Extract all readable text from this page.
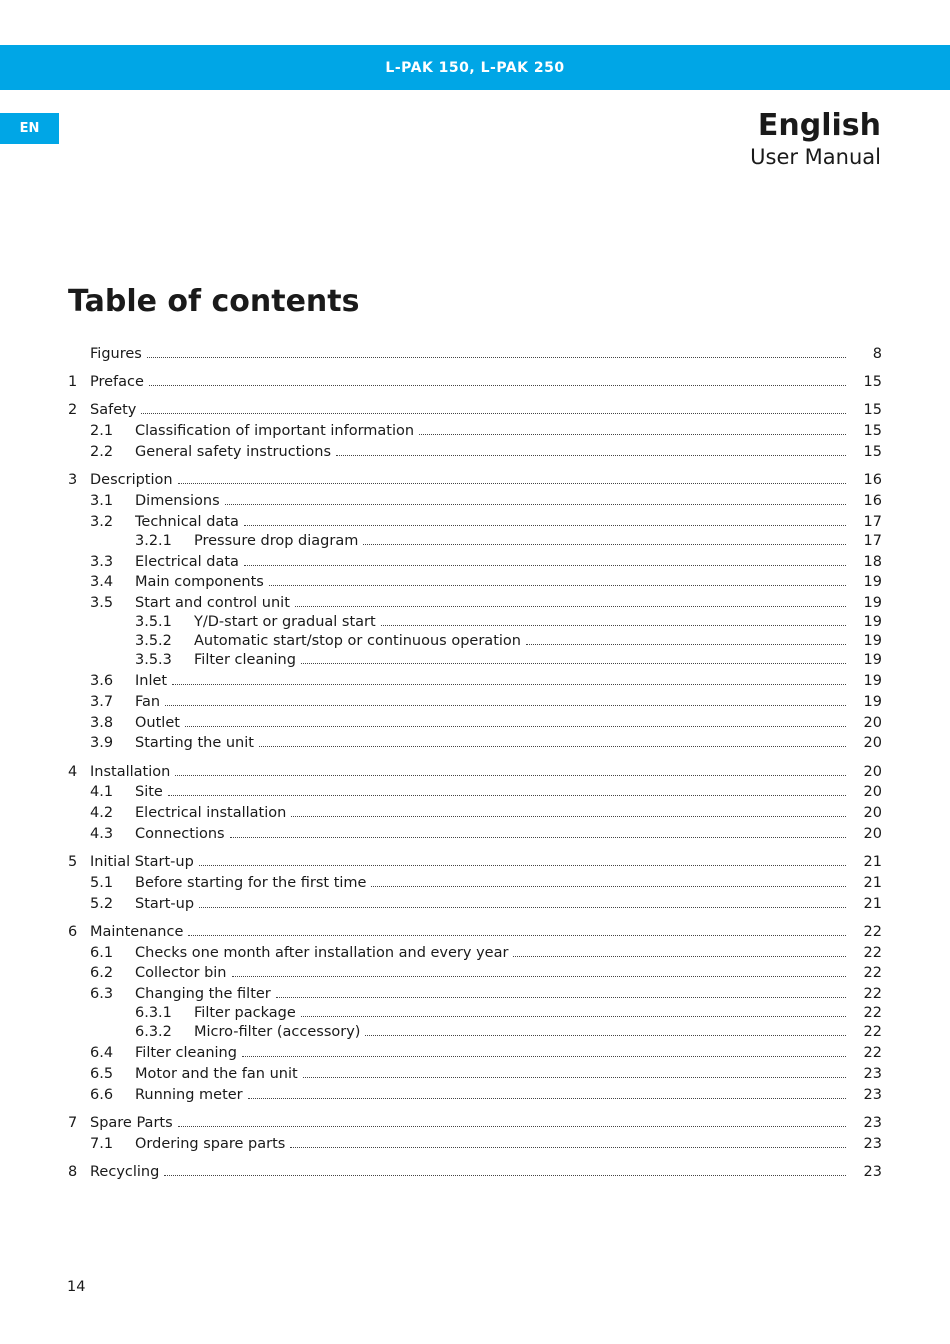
L-PAK 150, L-PAK 250
EN	English
User Manual
Table of contents
Figures	8
1 Preface	15
2 Safety	15
2.1 Classification of important information	15
2.2 General safety instructions	15
3 Description	16
3.1 Dimensions	16
3.2 Technical data	17
3.2.1 Pressure drop diagram	17
3.3 Electrical data	18
3.4 Main components	19
3.5 Start and control unit	19
3.5.1 Y/D-start or gradual start	19
3.5.2 Automatic start/stop or continuous operation	19
3.5.3 Filter cleaning	19
3.6 Inlet	19
3.7 Fan	19
3.8 Outlet	20
3.9 Starting the unit	20
4 Installation	20
4.1 Site	20
4.2 Electrical installation	20
4.3 Connections	20
5 Initial Start-up	21
5.1 Before starting for the first time	21
5.2 Start-up	21
6 Maintenance	22
6.1 Checks one month after installation and every year	22
6.2 Collector bin	22
6.3 Changing the filter	22
6.3.1 Filter package	22
6.3.2 Micro-filter (accessory)	22
6.4 Filter cleaning	22
6.5 Motor and the fan unit	23
6.6 Running meter	23
7 Spare Parts	23
7.1 Ordering spare parts	23
8 Recycling	23
14
